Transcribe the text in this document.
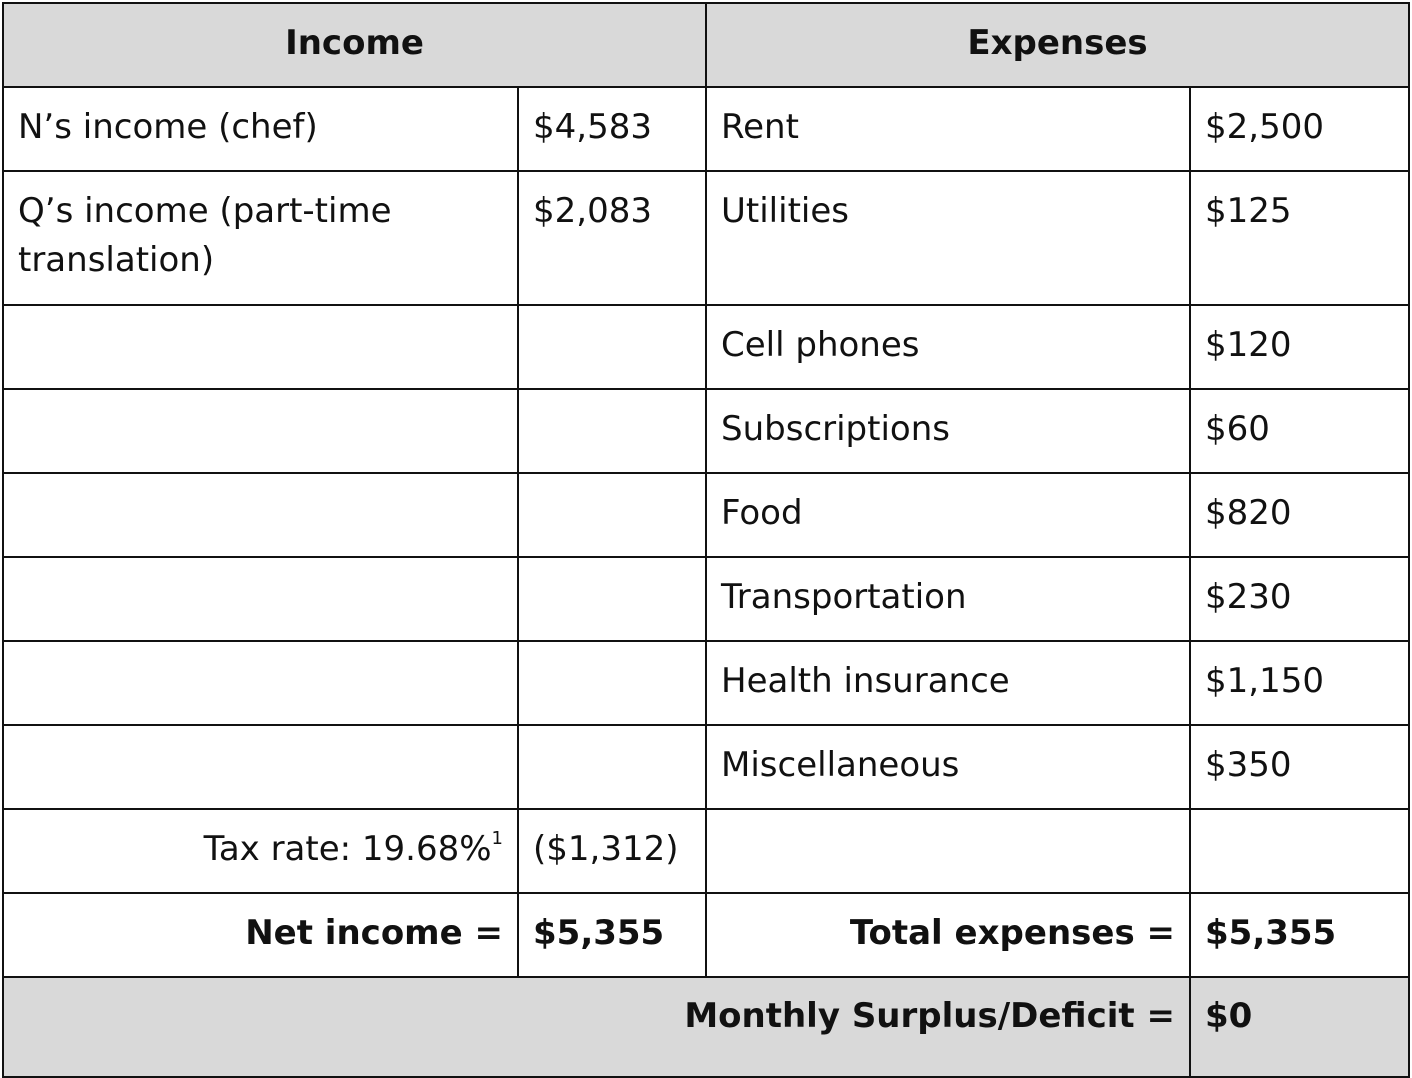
Income		Expenses	
N’s income (chef)	$4,583	Rent	$2,500
Q’s income (part-time translation)	$2,083	Utilities	$125
		Cell phones	$120
		Subscriptions	$60
		Food	$820
		Transportation	$230
		Health insurance	$1,150
		Miscellaneous	$350
Tax rate: 19.68%$^1$	($1,312)		
Net income =	$5,355	Total expenses =	$5,355
Monthly Surplus/Deficit =			$0
